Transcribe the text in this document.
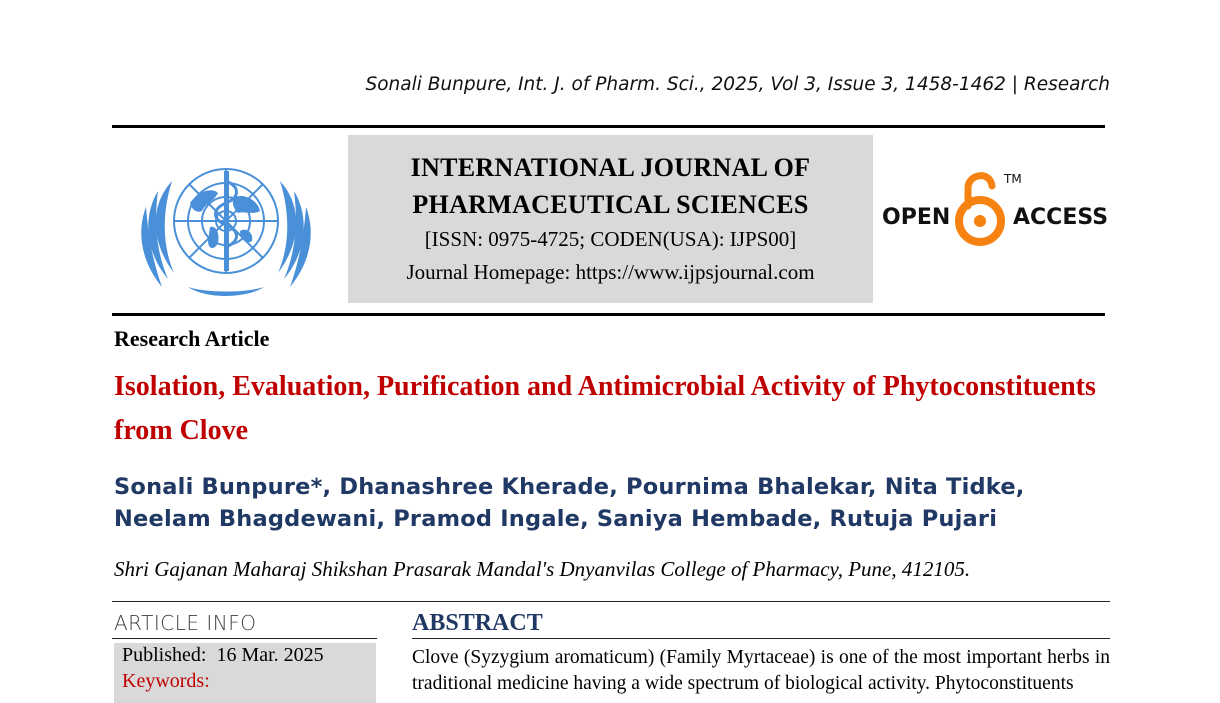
Sonali Bunpure, Int. J. of Pharm. Sci., 2025, Vol 3, Issue 3, 1458-1462 | Research
INTERNATIONAL JOURNAL OF
PHARMACEUTICAL SCIENCES
[ISSN: 0975-4725; CODEN(USA): IJPS00]
Journal Homepage: https://www.ijpsjournal.com
OPEN	ACCESS
TM
Research Article
Isolation, Evaluation, Purification and Antimicrobial Activity of Phytoconstituents from Clove
Sonali Bunpure*, Dhanashree Kherade, Pournima Bhalekar, Nita Tidke, Neelam Bhagdewani, Pramod Ingale, Saniya Hembade, Rutuja Pujari
Shri Gajanan Maharaj Shikshan Prasarak Mandal's Dnyanvilas College of Pharmacy, Pune, 412105.
ARTICLE INFO
Published: 16 Mar. 2025
Keywords:
ABSTRACT
Clove (Syzygium aromaticum) (Family Myrtaceae) is one of the most important herbs in traditional medicine having a wide spectrum of biological activity. Phytoconstituents
